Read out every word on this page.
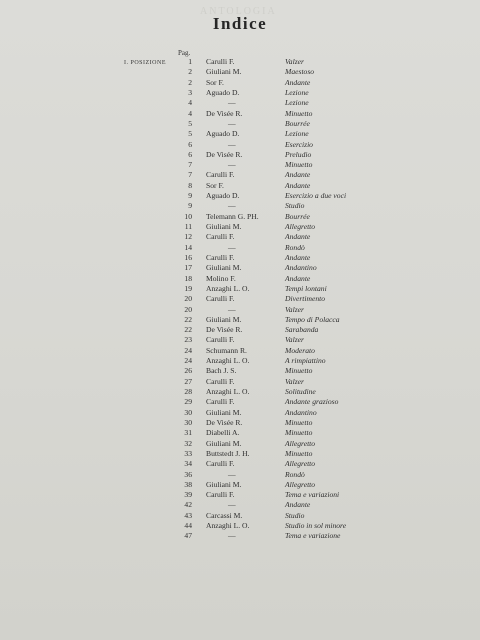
ANTOLOGIA
Indice
Pag.
I. POSIZIONE	1 Carulli F.	Valzer
2 Giuliani M.	Maestoso
2 Sor F.	Andante
3 Aguado D.	Lezione
4	—	Lezione
4 De Visée R.	Minuetto
5	—	Bourrée
5 Aguado D.	Lezione
6	—	Esercizio
6 De Visée R.	Preludio
7	—	Minuetto
7 Carulli F.	Andante
8 Sor F.	Andante
9 Aguado D.	Esercizio a due voci
9	—	Studio
10 Telemann G. PH.	Bourrée
11 Giuliani M.	Allegretto
12 Carulli F.	Andante
14	—	Rondò
16 Carulli F.	Andante
17 Giuliani M.	Andantino
18 Molino F.	Andante
19 Anzaghi L. O.	Tempi lontani
20 Carulli F.	Divertimento
20	—	Valzer
22 Giuliani M.	Tempo di Polacca
22 De Visée R.	Sarabanda
23 Carulli F.	Valzer
24 Schumann R.	Moderato
24 Anzaghi L. O.	A rimpiattino
26 Bach J. S.	Minuetto
27 Carulli F.	Valzer
28 Anzaghi L. O.	Solitudine
29 Carulli F.	Andante grazioso
30 Giuliani M.	Andantino
30 De Visée R.	Minuetto
31 Diabelli A.	Minuetto
32 Giuliani M.	Allegretto
33 Buttstedt J. H.	Minuetto
34 Carulli F.	Allegretto
36	—	Rondò
38 Giuliani M.	Allegretto
39 Carulli F.	Tema e variazioni
42	—	Andante
43 Carcassi M.	Studio
44 Anzaghi L. O.	Studio in sol minore
47	—	Tema e variazione
